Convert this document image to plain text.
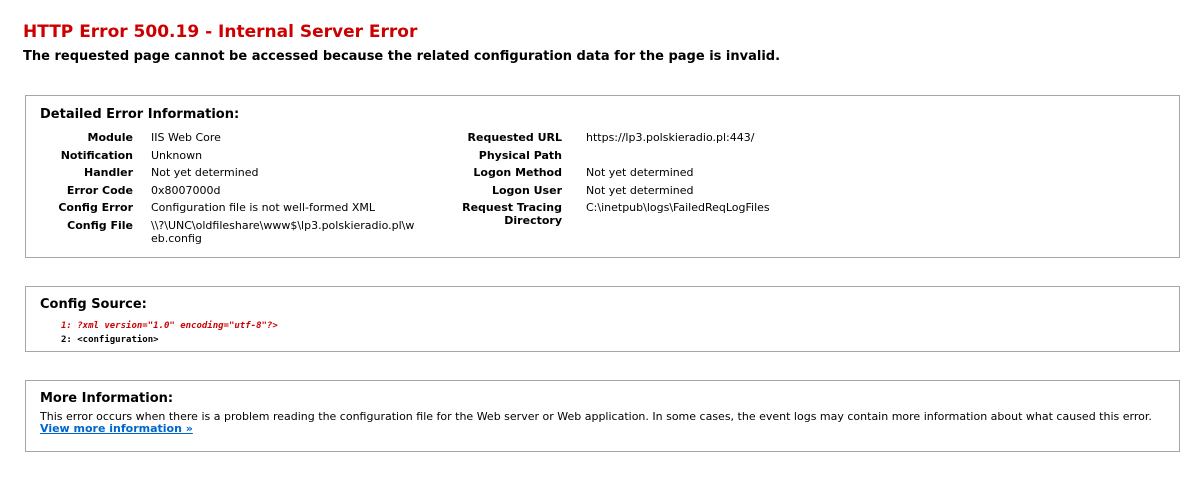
HTTP Error 500.19 - Internal Server Error
The requested page cannot be accessed because the related configuration data for the page is invalid.
Detailed Error Information:
Module	IIS Web Core
Notification	Unknown
Handler	Not yet determined
Error Code	0x8007000d
Config Error	Configuration file is not well-formed XML
Config File	\\?\UNC\oldfileshare\www$\lp3.polskieradio.pl\web.config
Requested URL	https://lp3.polskieradio.pl:443/
Physical Path	
Logon Method	Not yet determined
Logon User	Not yet determined
Request Tracing Directory	C:\inetpub\logs\FailedReqLogFiles
Config Source:
1: ?xml version="1.0" encoding="utf-8"?>
2: <configuration>
More Information:

This error occurs when there is a problem reading the configuration file for the Web server or Web application. In some cases, the event logs may contain more information about what caused this error.

View more information »
